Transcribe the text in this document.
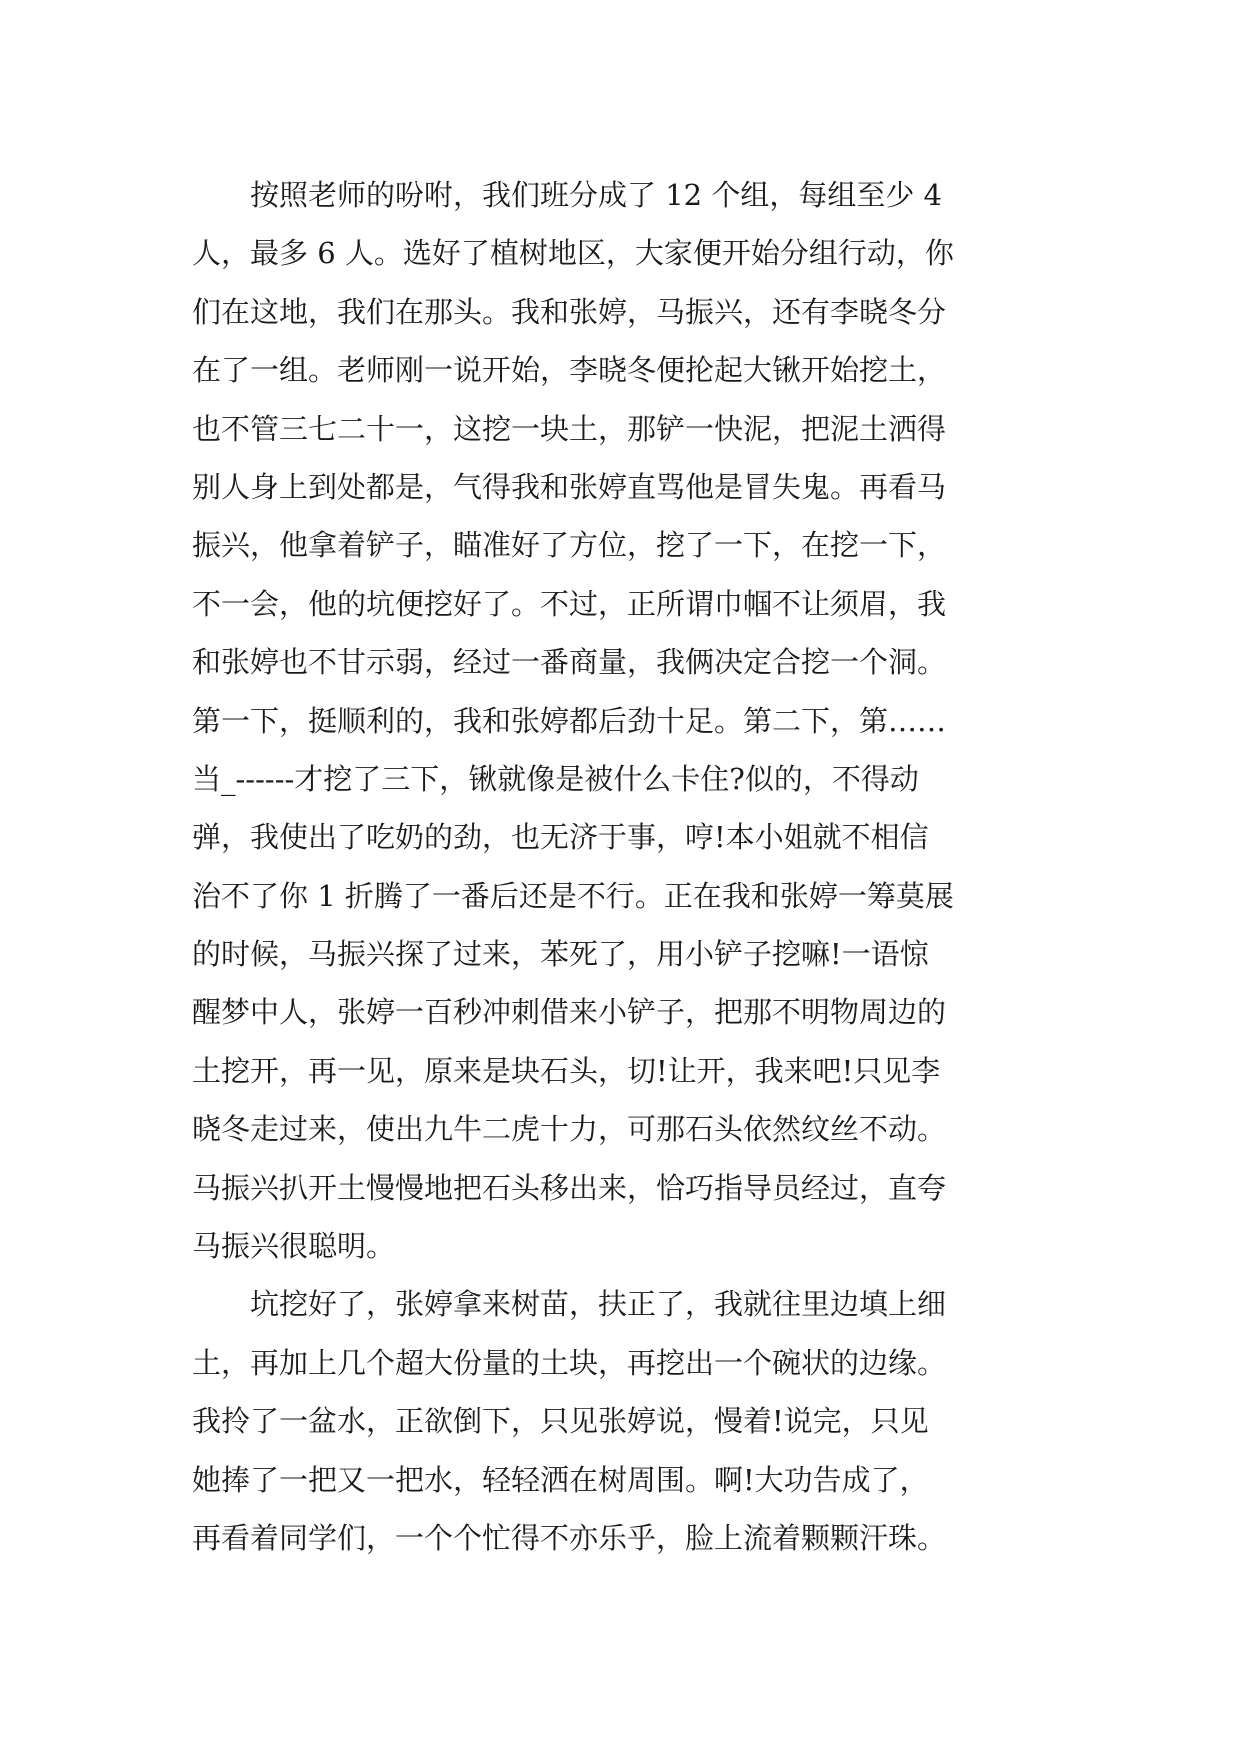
按照老师的吩咐，我们班分成了 12 个组，每组至少 4
人，最多 6 人。选好了植树地区，大家便开始分组行动，你
们在这地，我们在那头。我和张婷，马振兴，还有李晓冬分
在了一组。老师刚一说开始，李晓冬便抡起大锹开始挖土，
也不管三七二十一，这挖一块土，那铲一快泥，把泥土洒得
别人身上到处都是，气得我和张婷直骂他是冒失鬼。再看马
振兴，他拿着铲子，瞄准好了方位，挖了一下，在挖一下，
不一会，他的坑便挖好了。不过，正所谓巾帼不让须眉，我
和张婷也不甘示弱，经过一番商量，我俩决定合挖一个洞。
第一下，挺顺利的，我和张婷都后劲十足。第二下，第……
当_------才挖了三下，锹就像是被什么卡住?似的，不得动
弹，我使出了吃奶的劲，也无济于事，哼!本小姐就不相信
治不了你 1 折腾了一番后还是不行。正在我和张婷一筹莫展
的时候，马振兴探了过来，苯死了，用小铲子挖嘛!一语惊
醒梦中人，张婷一百秒冲刺借来小铲子，把那不明物周边的
土挖开，再一见，原来是块石头，切!让开，我来吧!只见李
晓冬走过来，使出九牛二虎十力，可那石头依然纹丝不动。
马振兴扒开土慢慢地把石头移出来，恰巧指导员经过，直夸
马振兴很聪明。
坑挖好了，张婷拿来树苗，扶正了，我就往里边填上细
土，再加上几个超大份量的土块，再挖出一个碗状的边缘。
我拎了一盆水，正欲倒下，只见张婷说，慢着!说完，只见
她捧了一把又一把水，轻轻洒在树周围。啊!大功告成了，
再看着同学们，一个个忙得不亦乐乎，脸上流着颗颗汗珠。
